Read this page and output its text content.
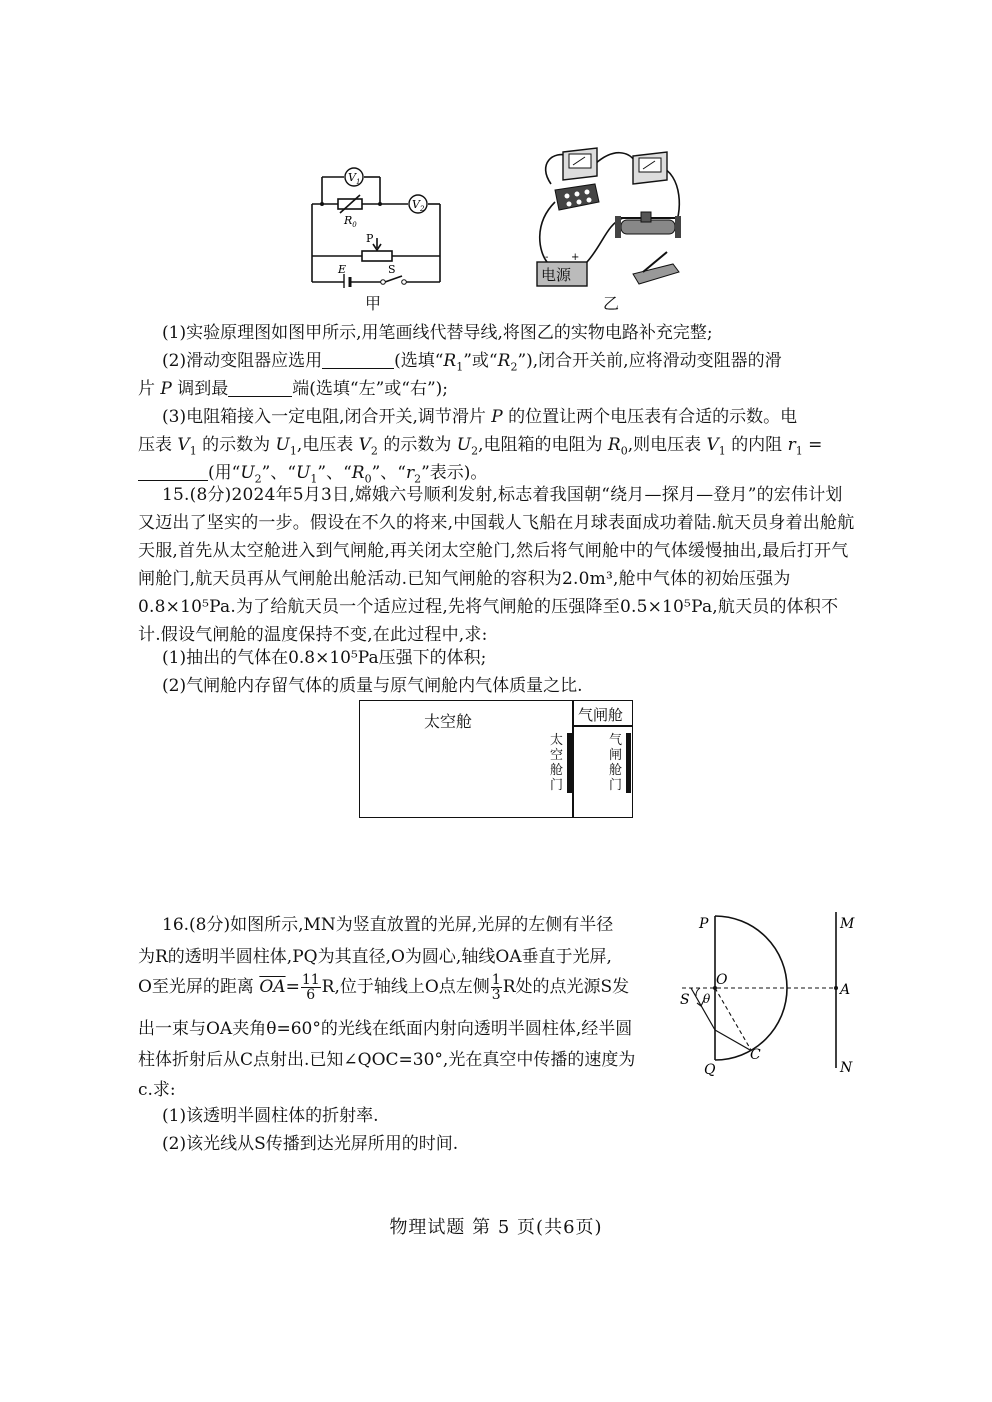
$V_1$
$V_2$
$R_0$
P
E	S
甲
电源
- +
乙
(1)实验原理图如图甲所示,用笔画线代替导线,将图乙的实物电路补充完整;
(2)滑动变阻器应选用	(选填“$R_1$”或“$R_2$”),闭合开关前,应将滑动变阻器的滑
片 P 调到最	端(选填“左”或“右”);
(3)电阻箱接入一定电阻,闭合开关,调节滑片 P 的位置让两个电压表有合适的示数。电
压表 $V_1$ 的示数为 $U_1$,电压表 $V_2$ 的示数为 $U_2$,电阻箱的电阻为 $R_0$,则电压表 $V_1$ 的内阻 $r_1$ =
(用“$U_2$”、“$U_1$”、“$R_0$”、“$r_2$”表示)。
15.(8分)2024年5月3日,嫦娥六号顺利发射,标志着我国朝“绕月—探月—登月”的宏伟计划又迈出了坚实的一步。假设在不久的将来,中国载人飞船在月球表面成功着陆.航天员身着出舱航天服,首先从太空舱进入到气闸舱,再关闭太空舱门,然后将气闸舱中的气体缓慢抽出,最后打开气闸舱门,航天员再从气闸舱出舱活动.已知气闸舱的容积为2.0m³,舱中气体的初始压强为0.8×10⁵Pa.为了给航天员一个适应过程,先将气闸舱的压强降至0.5×10⁵Pa,航天员的体积不计.假设气闸舱的温度保持不变,在此过程中,求:
(1)抽出的气体在0.8×10⁵Pa压强下的体积;
(2)气闸舱内存留气体的质量与原气闸舱内气体质量之比.
太空舱	气闸舱
太
空
舱
门
气
闸
舱
门
16.(8分)如图所示,MN为竖直放置的光屏,光屏的左侧有半径
为R的透明半圆柱体,PQ为其直径,O为圆心,轴线OA垂直于光屏,
O至光屏的距离 $\overline{OA}= \frac{11}{6} R$,位于轴线上O点左侧 $\frac{1}{3}$ R处的点光源S发
出一束与OA夹角θ=60°的光线在纸面内射向透明半圆柱体,经半圆
柱体折射后从C点射出.已知∠QOC=30°,光在真空中传播的速度为
c.求:
(1)该透明半圆柱体的折射率.
(2)该光线从S传播到达光屏所用的时间.
P
Q
O
S θ
C
A
M
N
物理试题 第 5 页(共6页)
